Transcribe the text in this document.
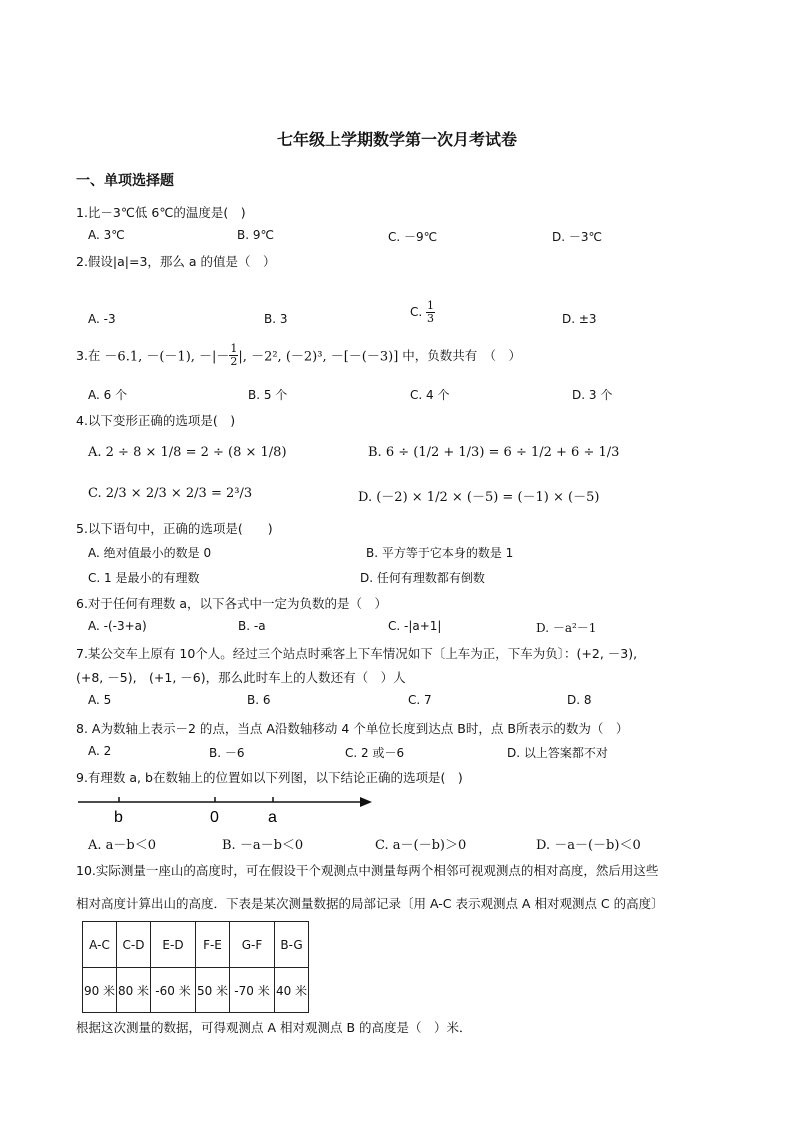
七年级上学期数学第一次月考试卷
一、单项选择题
1.比－3℃低 6℃的温度是(　)
A. 3℃	B. 9℃	C. －9℃	D. －3℃
2.假设|a|=3，那么 a 的值是（　）
A. -3	B. 3	C. $\frac{1}{3}$	D. ±3
3.在 －6.1, －(－1), －|－ $\frac{1}{2}$ |, －2², (－2)³, －[－(－3)] 中，负数共有　（　）
A. 6 个	B. 5 个	C. 4 个	D. 3 个
4.以下变形正确的选项是(　)
A. 2 ÷ 8 × 1/8 = 2 ÷ (8 × 1/8)	B. 6 ÷ (1/2 + 1/3) = 6 ÷ 1/2 + 6 ÷ 1/3
C. 2/3 × 2/3 × 2/3 = 2³/3	D. (－2) × 1/2 × (－5) = (－1) × (－5)
5.以下语句中，正确的选项是(　　)
A. 绝对值最小的数是 0	B. 平方等于它本身的数是 1
C. 1 是最小的有理数	D. 任何有理数都有倒数
6.对于任何有理数 a，以下各式中一定为负数的是（　）
A. -(-3+a)	B. -a	C. -|a+1|	D. －a²－1
7.某公交车上原有 10个人。经过三个站点时乘客上下车情况如下〔上车为正，下车为负〕：(+2, －3),
(+8, －5),　(+1, －6)，那么此时车上的人数还有（　）人
A. 5	B. 6	C. 7	D. 8
8. A为数轴上表示－2 的点，当点 A沿数轴移动 4 个单位长度到达点 B时，点 B所表示的数为（　）
A. 2	B. －6	C. 2 或－6	D. 以上答案都不对
9.有理数 a, b在数轴上的位置如以下列图，以下结论正确的选项是(　)
b	0	a
A. a－b＜0	B. －a－b＜0	C. a－(－b)＞0	D. －a－(－b)＜0
10.实际测量一座山的高度时，可在假设干个观测点中测量每两个相邻可视观测点的相对高度，然后用这些
相对高度计算出山的高度．下表是某次测量数据的局部记录〔用 A-C 表示观测点 A 相对观测点 C 的高度〕
A-C	C-D	E-D	F-E	G-F	B-G
90 米	80 米	-60 米	50 米	-70 米	40 米
根据这次测量的数据，可得观测点 A 相对观测点 B 的高度是（　）米．
